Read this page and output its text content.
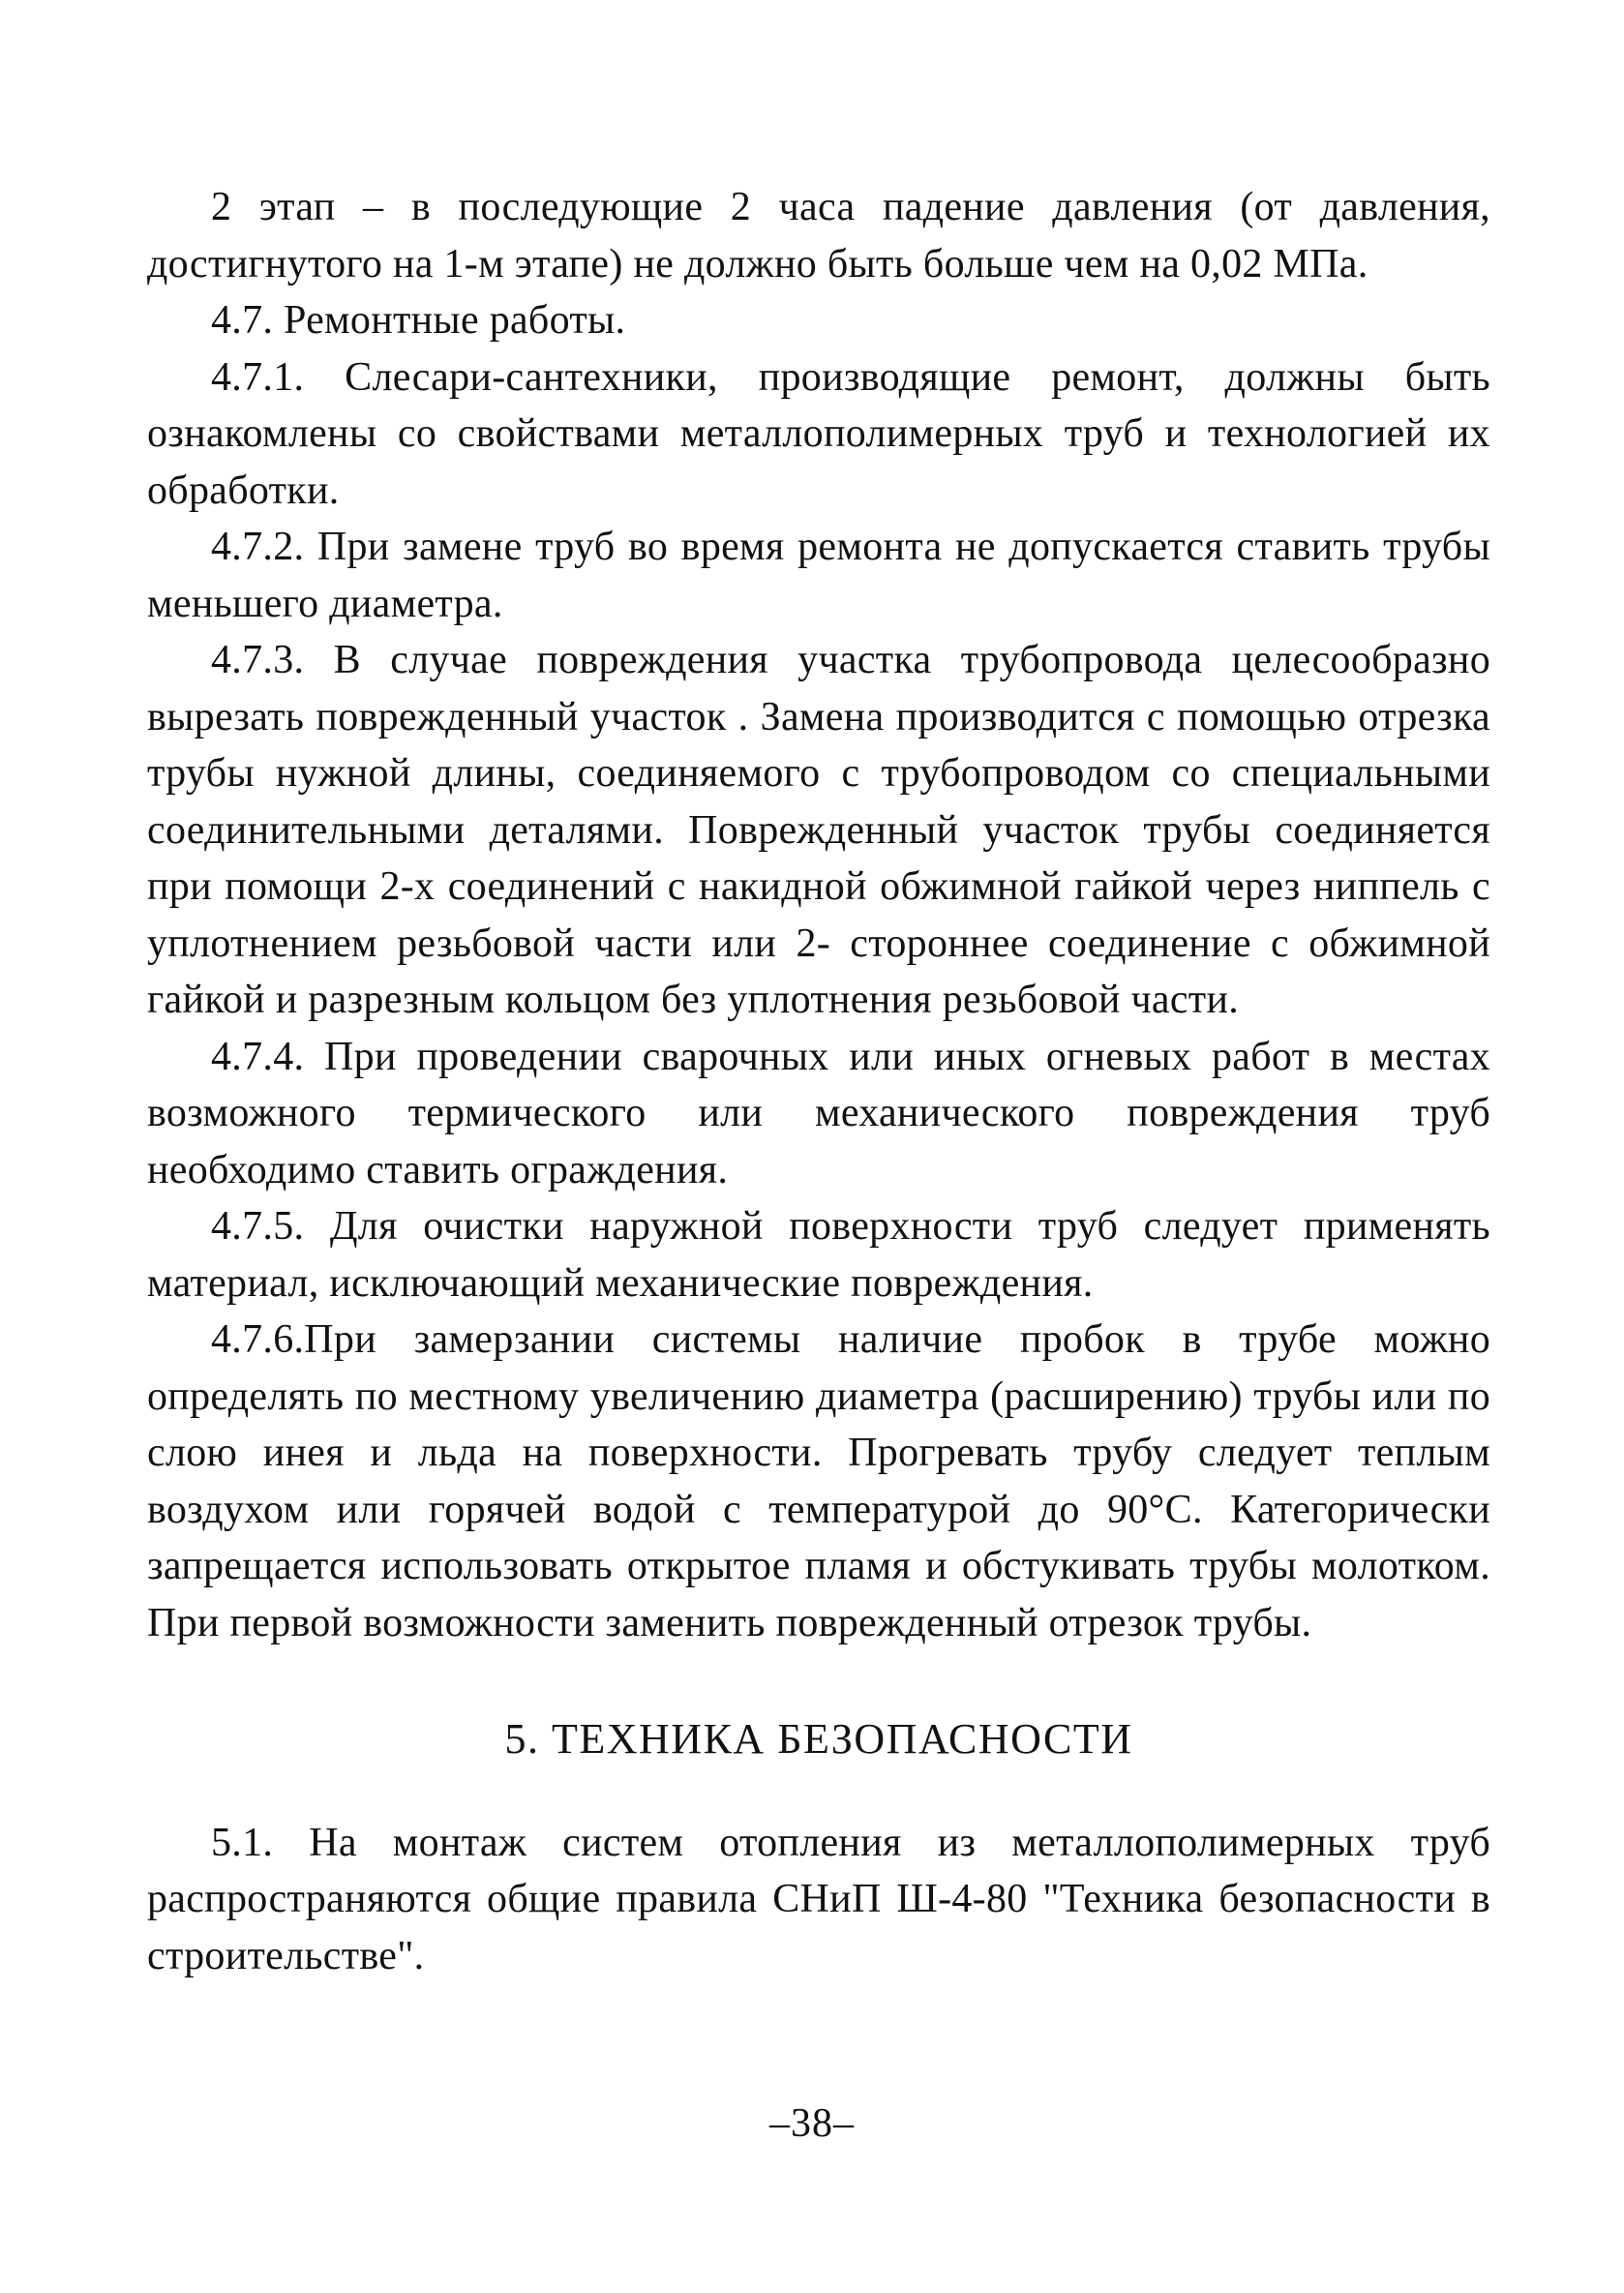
2 этап – в последующие 2 часа падение давления (от давления, достигнутого на 1-м этапе) не должно быть больше чем на 0,02 МПа.

4.7. Ремонтные работы.

4.7.1. Слесари-сантехники, производящие ремонт, должны быть ознакомлены со свойствами металлополимерных труб и технологией их обработки.

4.7.2. При замене труб во время ремонта не допускается ставить трубы меньшего диаметра.

4.7.3. В случае повреждения участка трубопровода целесообразно вырезать поврежденный участок . Замена производится с помощью отрезка трубы нужной длины, соединяемого с трубопроводом со специальными соединительными деталями. Поврежденный участок трубы соединяется при помощи 2-х соединений с накидной обжимной гайкой через ниппель с уплотнением резьбовой части или 2- стороннее соединение с обжимной гайкой и разрезным кольцом без уплотнения резьбовой части.

4.7.4. При проведении сварочных или иных огневых работ в местах возможного термического или механического повреждения труб необходимо ставить ограждения.

4.7.5. Для очистки наружной поверхности труб следует применять материал, исключающий механические повреждения.

4.7.6.При замерзании системы наличие пробок в трубе можно определять по местному увеличению диаметра (расширению) трубы или по слою инея и льда на поверхности. Прогревать трубу следует теплым воздухом или горячей водой с температурой до 90°С. Категорически запрещается использовать открытое пламя и обстукивать трубы молотком. При первой возможности заменить поврежденный отрезок трубы.

5. ТЕХНИКА БЕЗОПАСНОСТИ

5.1. На монтаж систем отопления из металлополимерных труб распространяются общие правила СНиП Ш-4-80 "Техника безопасности в строительстве".

–38–
